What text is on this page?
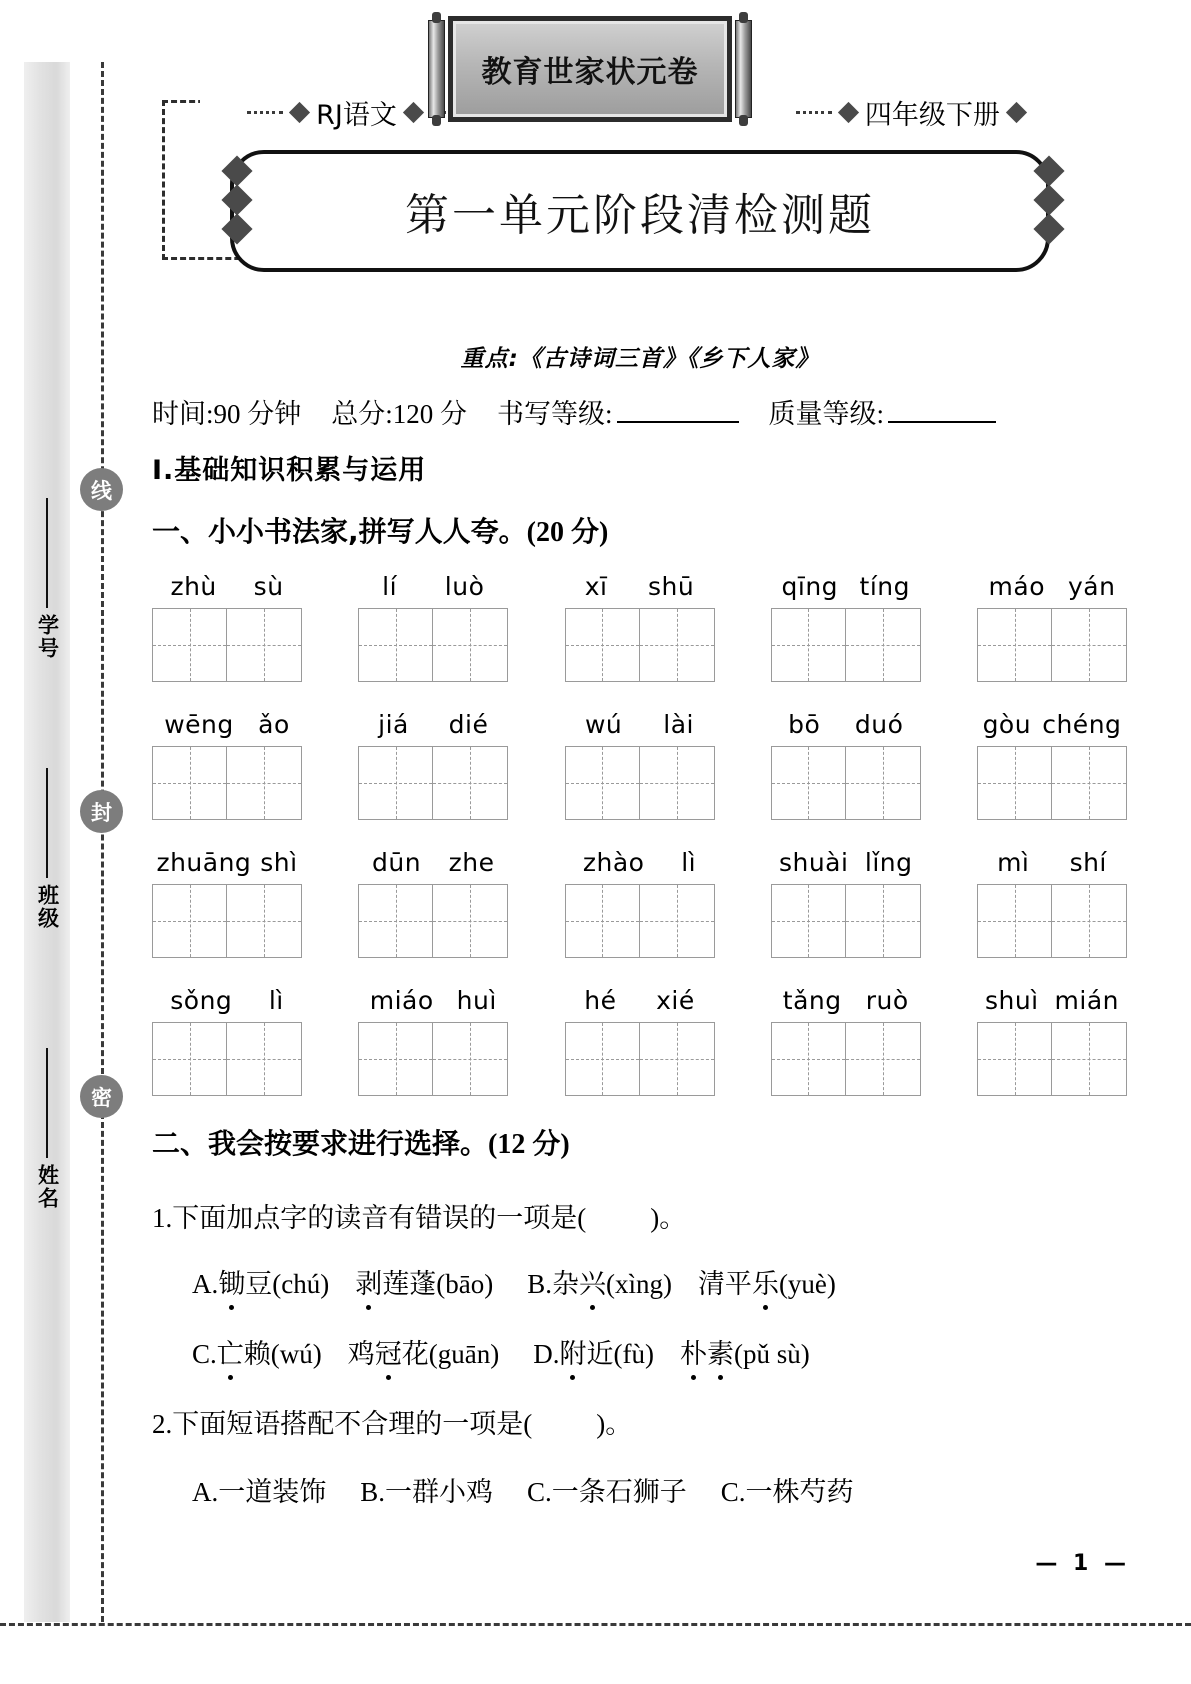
学号
班级
姓名
线
封
密
RJ语文	四年级下册
教育世家状元卷
第一单元阶段清检测题
重点:《古诗词三首》《乡下人家》
时间:90 分钟 总分:120 分 书写等级:	质量等级:
Ⅰ.基础知识积累与运用
一、小小书法家,拼写人人夸。(20 分)
zhù sù	lí luò	xī shū	qīng tíng	máo yán
wēng ǎo	jiá dié	wú lài	bō duó	gòu chéng
zhuāng shì	dūn zhe	zhào lì	shuài lǐng	mì shí
sǒng lì	miáo huì	hé xié	tǎng ruò	shuì mián
二、我会按要求进行选择。(12 分)
1.下面加点字的读音有错误的一项是( )。
A.锄豆(chú) 剥莲蓬(bāo) B.杂兴(xìng) 清平乐(yuè)
C.亡赖(wú) 鸡冠花(guān) D.附近(fù) 朴素(pǔ sù)
2.下面短语搭配不合理的一项是( )。
A.一道装饰 B.一群小鸡 C.一条石狮子 C.一株芍药
— 1 —
